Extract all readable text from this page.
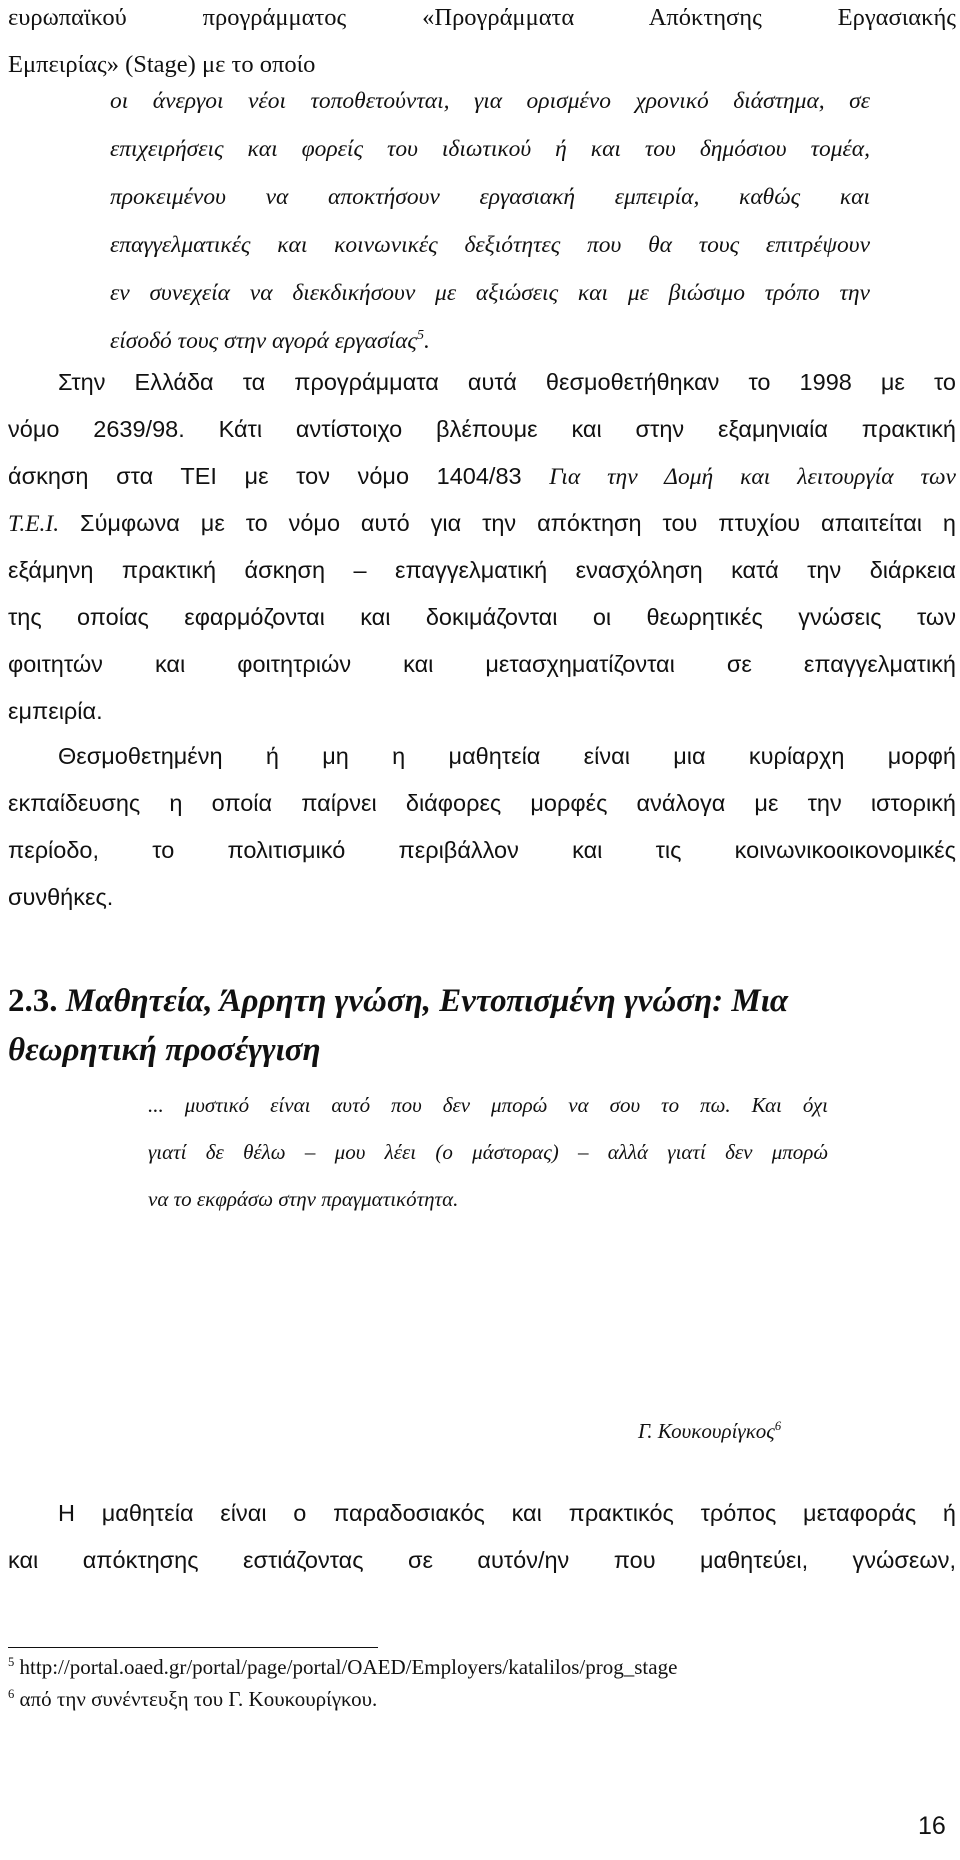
ευρωπαϊκού προγράμματος «Προγράμματα Απόκτησης Εργασιακής
Εμπειρίας» (Stage) με το οποίο
οι άνεργοι νέοι τοποθετούνται, για ορισμένο χρονικό διάστημα, σε
επιχειρήσεις και φορείς του ιδιωτικού ή και του δημόσιου τομέα,
προκειμένου να αποκτήσουν εργασιακή εμπειρία, καθώς και
επαγγελματικές και κοινωνικές δεξιότητες που θα τους επιτρέψουν
εν συνεχεία να διεκδικήσουν με αξιώσεις και με βιώσιμο τρόπο την
είσοδό τους στην αγορά εργασίας$^5$.
Στην Ελλάδα τα προγράμματα αυτά θεσμοθετήθηκαν το 1998 με το
νόμο 2639/98. Κάτι αντίστοιχο βλέπουμε και στην εξαμηνιαία πρακτική
άσκηση στα ΤΕΙ με τον νόμο 1404/83 Για την Δομή και λειτουργία των
Τ.Ε.Ι. Σύμφωνα με το νόμο αυτό για την απόκτηση του πτυχίου απαιτείται η
εξάμηνη πρακτική άσκηση – επαγγελματική ενασχόληση κατά την διάρκεια
της οποίας εφαρμόζονται και δοκιμάζονται οι θεωρητικές γνώσεις των
φοιτητών και φοιτητριών και μετασχηματίζονται σε επαγγελματική
εμπειρία.
Θεσμοθετημένη ή μη η μαθητεία είναι μια κυρίαρχη μορφή
εκπαίδευσης η οποία παίρνει διάφορες μορφές ανάλογα με την ιστορική
περίοδο, το πολιτισμικό περιβάλλον και τις κοινωνικοοικονομικές
συνθήκες.
2.3. Μαθητεία, Άρρητη γνώση, Εντοπισμένη γνώση: Μια
θεωρητική προσέγγιση
... μυστικό είναι αυτό που δεν μπορώ να σου το πω. Και όχι
γιατί δε θέλω – μου λέει (ο μάστορας) – αλλά γιατί δεν μπορώ
να το εκφράσω στην πραγματικότητα.
Γ. Κουκουρίγκος$^6$
Η μαθητεία είναι ο παραδοσιακός και πρακτικός τρόπος μεταφοράς ή
και απόκτησης εστιάζοντας σε αυτόν/ην που μαθητεύει, γνώσεων,
$^5$ http://portal.oaed.gr/portal/page/portal/OAED/Employers/katalilos/prog_stage
$^6$ από την συνέντευξη του Γ. Κουκουρίγκου.
16
